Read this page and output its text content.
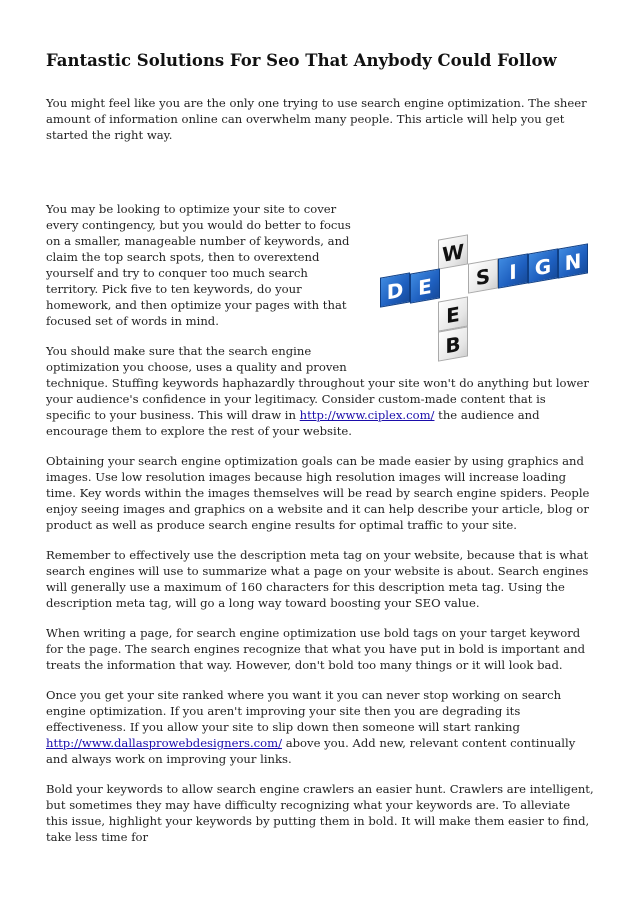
Fantastic Solutions For Seo That Anybody Could Follow

You might feel like you are the only one trying to use search engine optimization. The sheer amount of information online can overwhelm many people. This article will help you get started the right way.

W
E
B
D E	S I G N

You may be looking to optimize your site to cover every contingency, but you would do better to focus on a smaller, manageable number of keywords, and claim the top search spots, then to overextend yourself and try to conquer too much search territory. Pick five to ten keywords, do your homework, and then optimize your pages with that focused set of words in mind.

You should make sure that the search engine optimization you choose, uses a quality and proven technique. Stuffing keywords haphazardly throughout your site won't do anything but lower your audience's confidence in your legitimacy. Consider custom-made content that is specific to your business. This will draw in http://www.ciplex.com/ the audience and encourage them to explore the rest of your website.

Obtaining your search engine optimization goals can be made easier by using graphics and images. Use low resolution images because high resolution images will increase loading time. Key words within the images themselves will be read by search engine spiders. People enjoy seeing images and graphics on a website and it can help describe your article, blog or product as well as produce search engine results for optimal traffic to your site.

Remember to effectively use the description meta tag on your website, because that is what search engines will use to summarize what a page on your website is about. Search engines will generally use a maximum of 160 characters for this description meta tag. Using the description meta tag, will go a long way toward boosting your SEO value.

When writing a page, for search engine optimization use bold tags on your target keyword for the page. The search engines recognize that what you have put in bold is important and treats the information that way. However, don't bold too many things or it will look bad.

Once you get your site ranked where you want it you can never stop working on search engine optimization. If you aren't improving your site then you are degrading its effectiveness. If you allow your site to slip down then someone will start ranking http://www.dallasprowebdesigners.com/ above you. Add new, relevant content continually and always work on improving your links.

Bold your keywords to allow search engine crawlers an easier hunt. Crawlers are intelligent, but sometimes they may have difficulty recognizing what your keywords are. To alleviate this issue, highlight your keywords by putting them in bold. It will make them easier to find, take less time for
